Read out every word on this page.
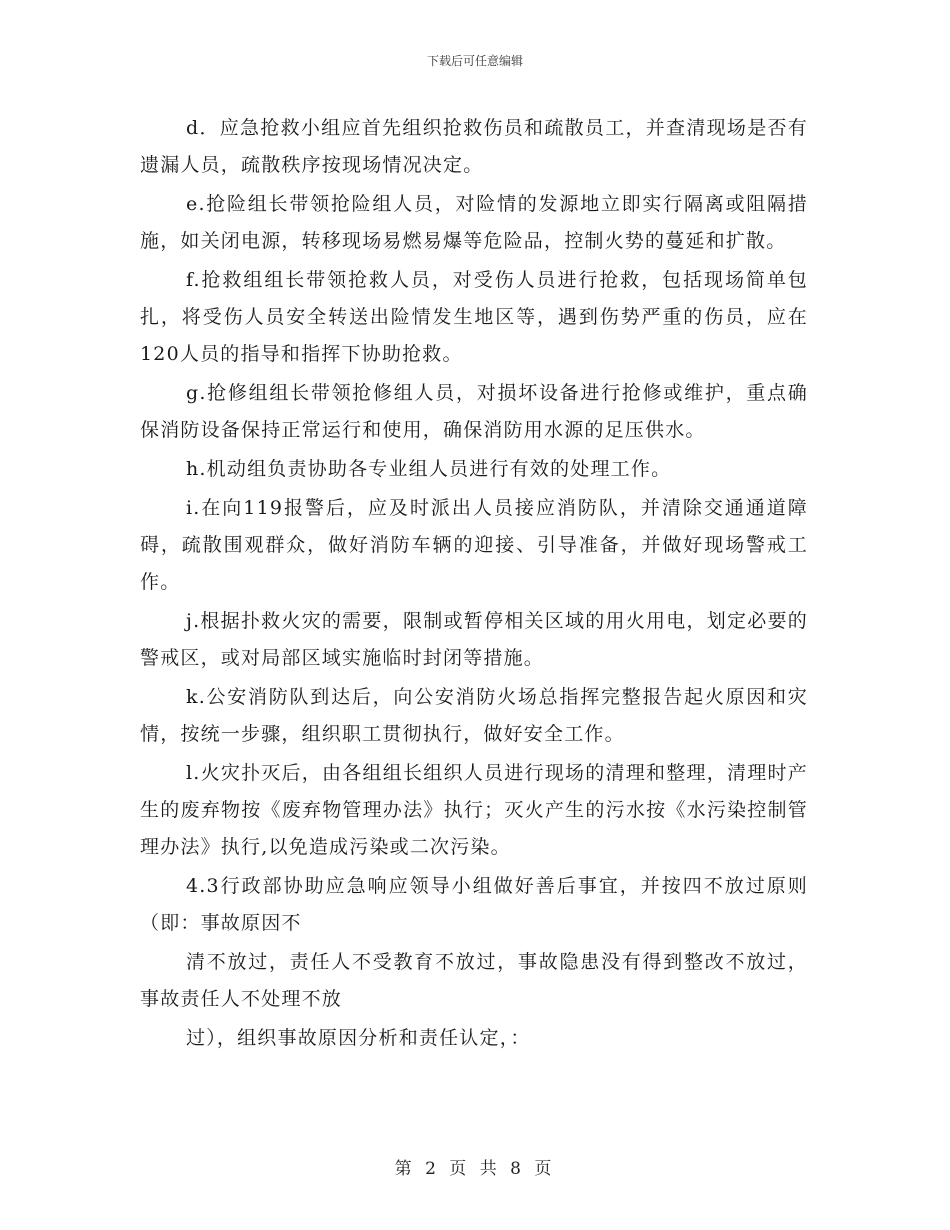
下载后可任意编辑

d．应急抢救小组应首先组织抢救伤员和疏散员工，并查清现场是否有遗漏人员，疏散秩序按现场情况决定。

e.抢险组长带领抢险组人员，对险情的发源地立即实行隔离或阻隔措施，如关闭电源，转移现场易燃易爆等危险品，控制火势的蔓延和扩散。

f.抢救组组长带领抢救人员，对受伤人员进行抢救，包括现场简单包扎，将受伤人员安全转送出险情发生地区等，遇到伤势严重的伤员，应在120人员的指导和指挥下协助抢救。

g.抢修组组长带领抢修组人员，对损坏设备进行抢修或维护，重点确保消防设备保持正常运行和使用，确保消防用水源的足压供水。

h.机动组负责协助各专业组人员进行有效的处理工作。

i.在向119报警后，应及时派出人员接应消防队，并清除交通通道障碍，疏散围观群众，做好消防车辆的迎接、引导准备，并做好现场警戒工作。

j.根据扑救火灾的需要，限制或暂停相关区域的用火用电，划定必要的警戒区，或对局部区域实施临时封闭等措施。

k.公安消防队到达后，向公安消防火场总指挥完整报告起火原因和灾情，按统一步骤，组织职工贯彻执行，做好安全工作。

l.火灾扑灭后，由各组组长组织人员进行现场的清理和整理，清理时产生的废弃物按《废弃物管理办法》执行；灭火产生的污水按《水污染控制管理办法》执行,以免造成污染或二次污染。

4.3行政部协助应急响应领导小组做好善后事宜，并按四不放过原则（即：事故原因不

清不放过，责任人不受教育不放过，事故隐患没有得到整改不放过，事故责任人不处理不放

过），组织事故原因分析和责任认定，：

第 2 页 共 8 页
